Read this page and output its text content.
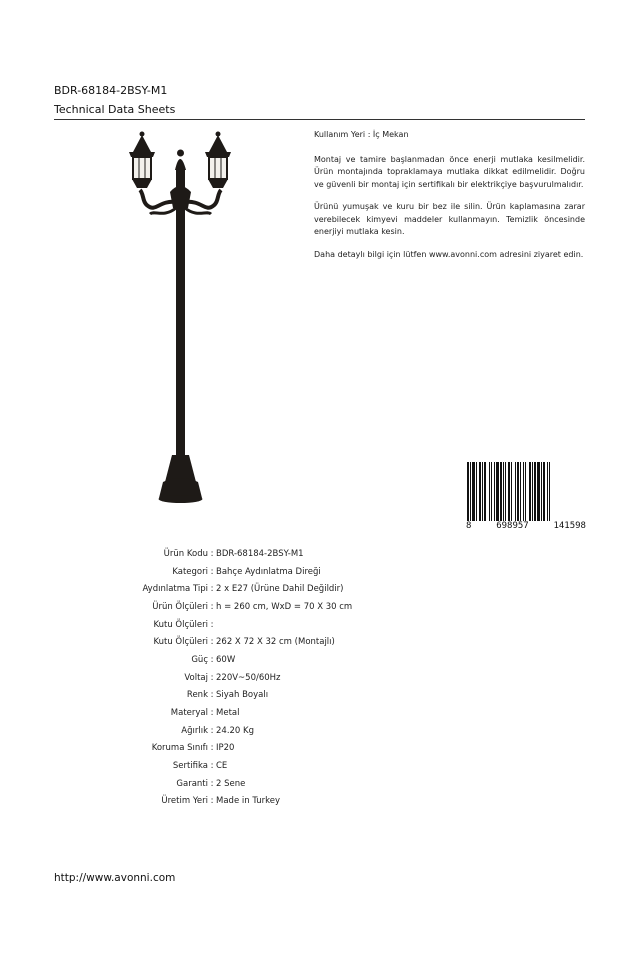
BDR-68184-2BSY-M1
Technical Data Sheets

Kullanım Yeri : İç Mekan

Montaj ve tamire başlanmadan önce enerji mutlaka kesilmelidir. Ürün montajında topraklamaya mutlaka dikkat edilmelidir. Doğru ve güvenli bir montaj için sertifikalı bir elektrikçiye başvurulmalıdır.

Ürünü yumuşak ve kuru bir bez ile silin. Ürün kaplamasına zarar verebilecek kimyevi maddeler kullanmayın. Temizlik öncesinde enerjiyi mutlaka kesin.

Daha detaylı bilgi için lütfen www.avonni.com adresini ziyaret edin.

8	698957	141598
Ürün Kodu : BDR-68184-2BSY-M1
Kategori : Bahçe Aydınlatma Direği
Aydınlatma Tipi : 2 x E27 (Ürüne Dahil Değildir)
Ürün Ölçüleri : h = 260 cm, WxD = 70 X 30 cm
Kutu Ölçüleri :
Kutu Ölçüleri : 262 X 72 X 32 cm (Montajlı)
Güç : 60W
Voltaj : 220V~50/60Hz
Renk : Siyah Boyalı
Materyal : Metal
Ağırlık : 24.20 Kg
Koruma Sınıfı : IP20
Sertifika : CE
Garanti : 2 Sene
Üretim Yeri : Made in Turkey
http://www.avonni.com
